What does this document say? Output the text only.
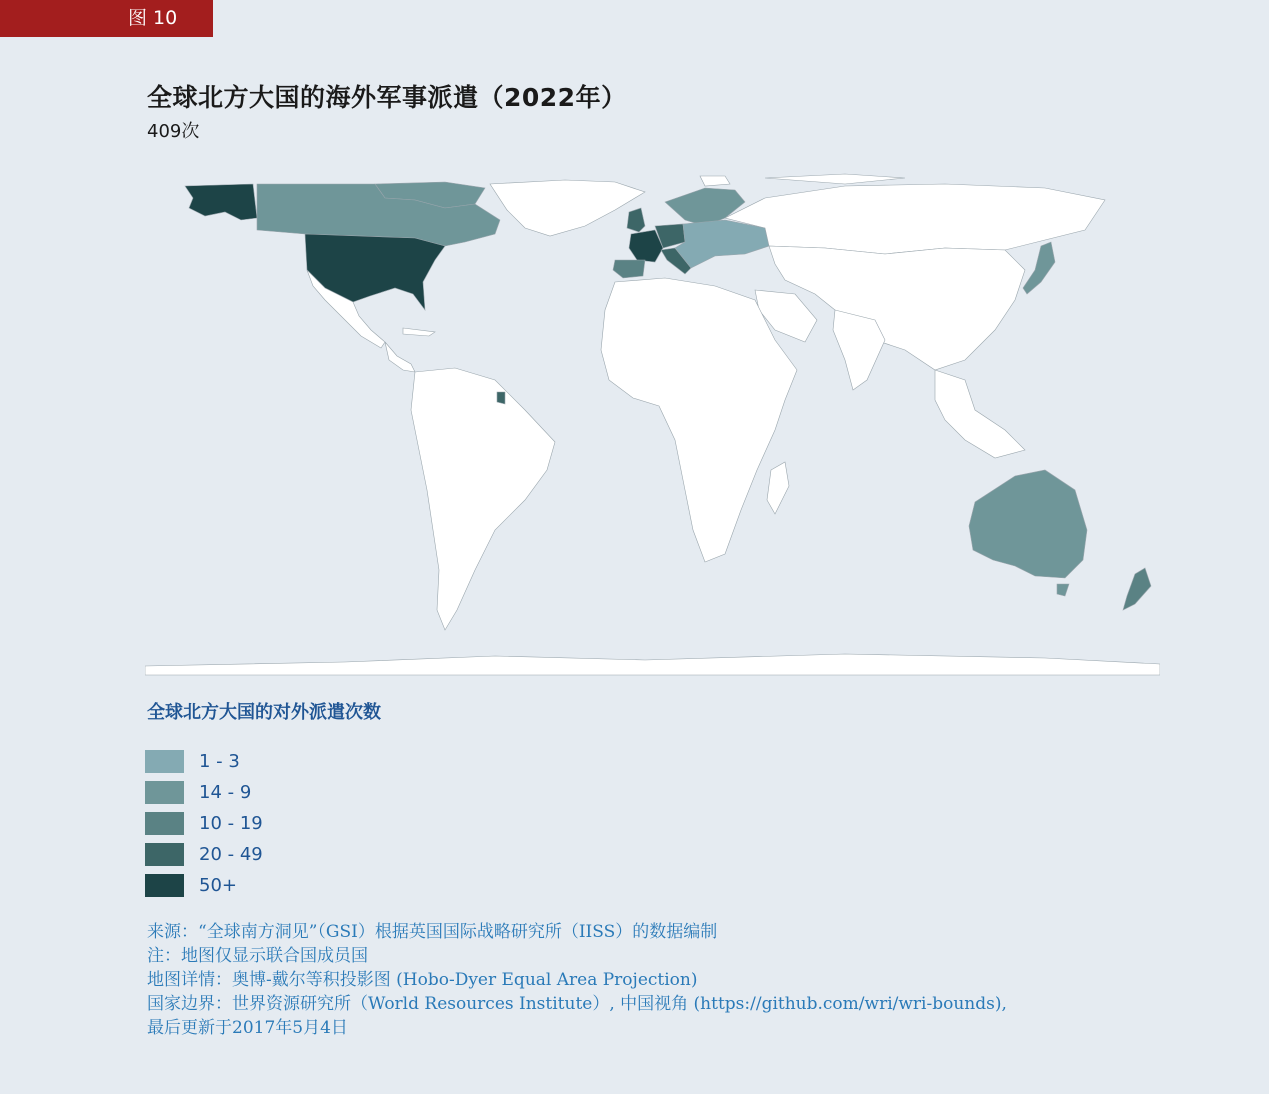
图 10
全球北方大国的海外军事派遣（2022年）
409次
全球北方大国的对外派遣次数
1 - 3
14 - 9
10 - 19
20 - 49
50+
来源：“全球南方洞见”（GSI）根据英国国际战略研究所（IISS）的数据编制
注：地图仅显示联合国成员国
地图详情：奥博-戴尔等积投影图 (Hobo-Dyer Equal Area Projection)
国家边界：世界资源研究所（World Resources Institute）, 中国视角 (https://github.com/wri/wri-bounds),
最后更新于2017年5月4日
